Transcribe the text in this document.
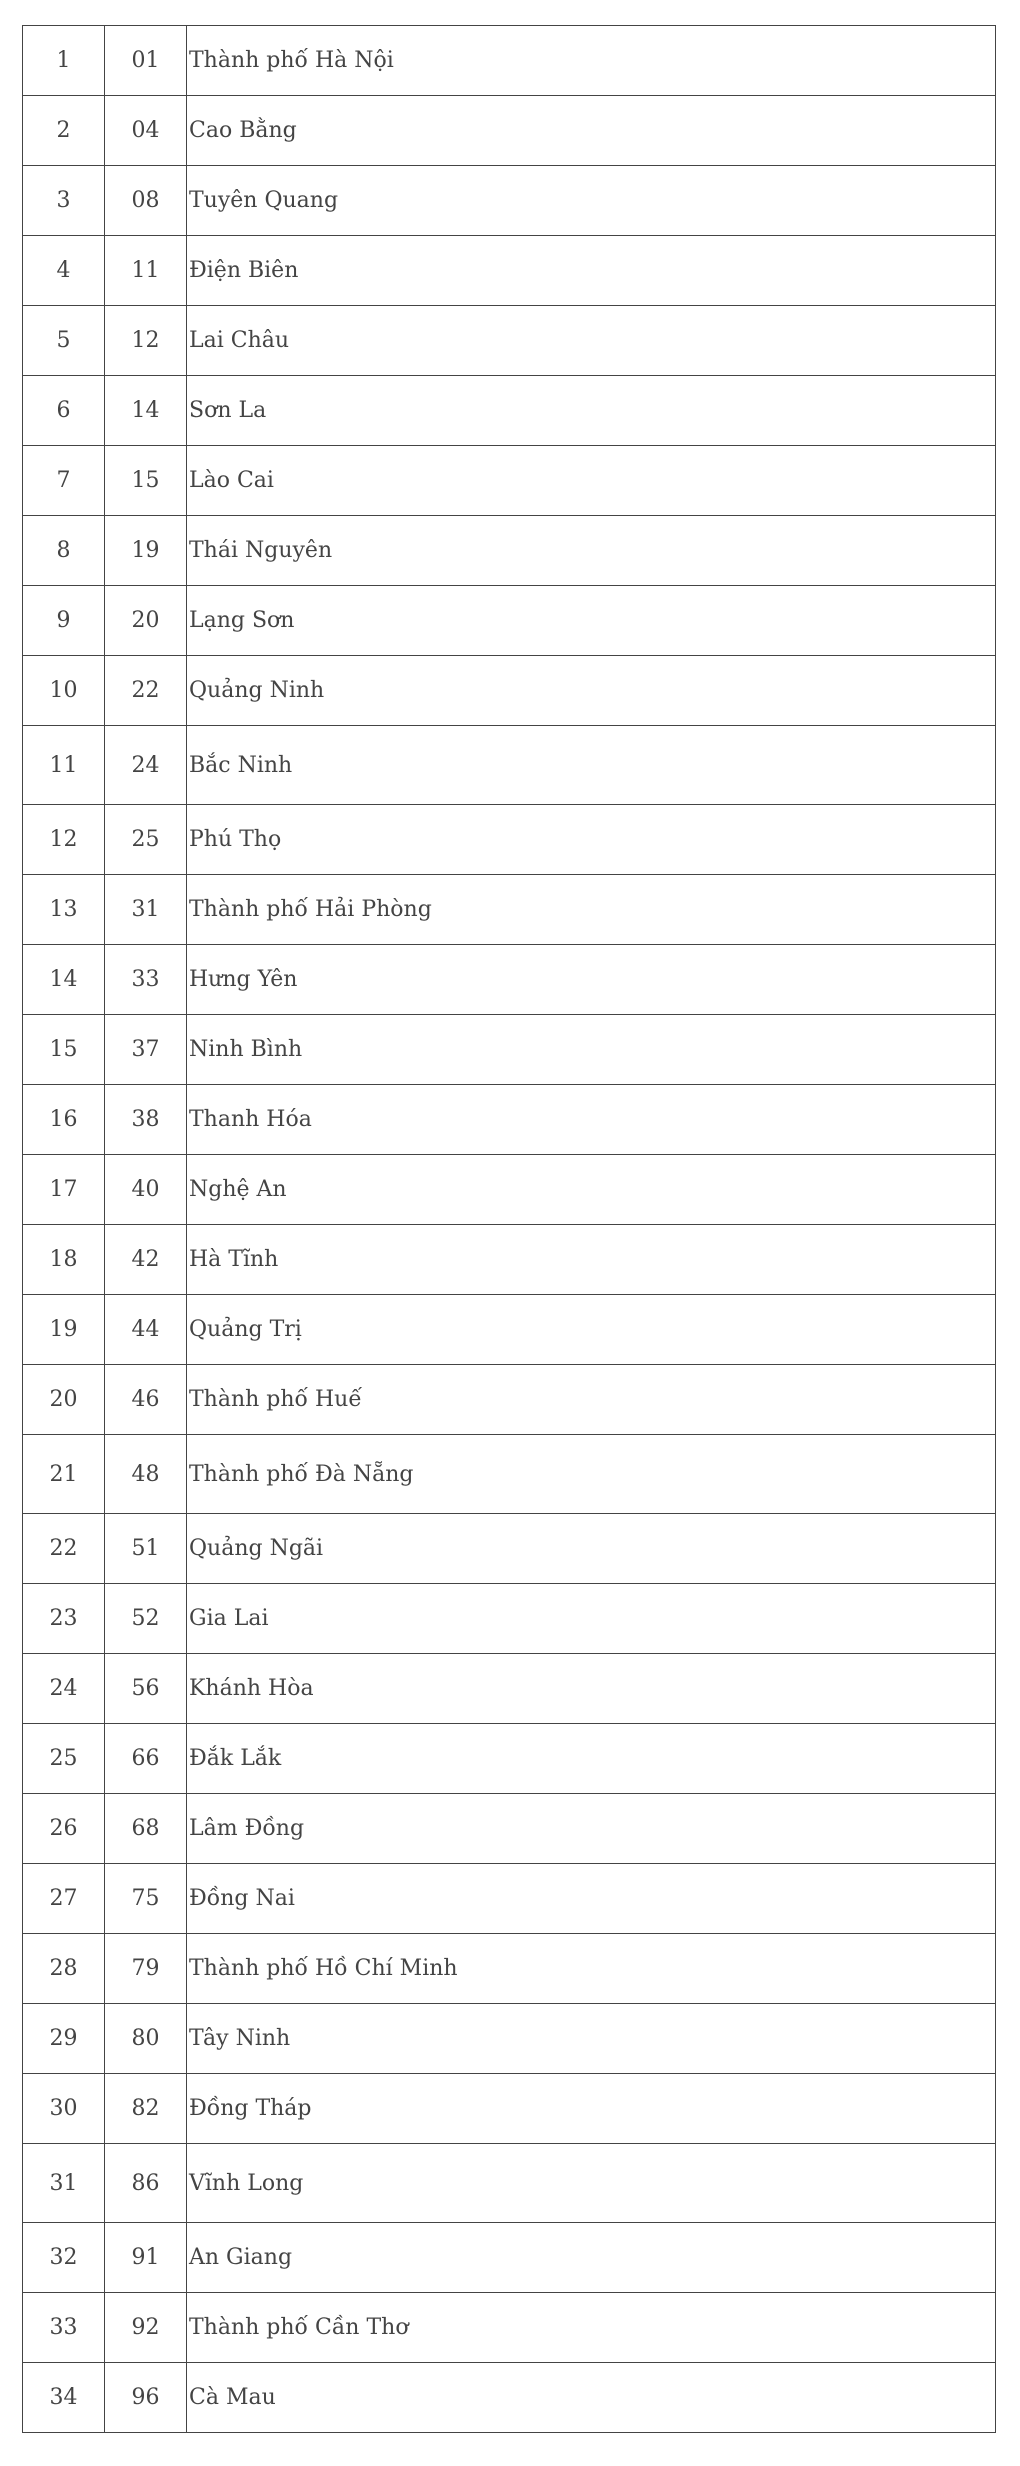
1	01	Thành phố Hà Nội
2	04	Cao Bằng
3	08	Tuyên Quang
4	11	Điện Biên
5	12	Lai Châu
6	14	Sơn La
7	15	Lào Cai
8	19	Thái Nguyên
9	20	Lạng Sơn
10	22	Quảng Ninh
11	24	Bắc Ninh
12	25	Phú Thọ
13	31	Thành phố Hải Phòng
14	33	Hưng Yên
15	37	Ninh Bình
16	38	Thanh Hóa
17	40	Nghệ An
18	42	Hà Tĩnh
19	44	Quảng Trị
20	46	Thành phố Huế
21	48	Thành phố Đà Nẵng
22	51	Quảng Ngãi
23	52	Gia Lai
24	56	Khánh Hòa
25	66	Đắk Lắk
26	68	Lâm Đồng
27	75	Đồng Nai
28	79	Thành phố Hồ Chí Minh
29	80	Tây Ninh
30	82	Đồng Tháp
31	86	Vĩnh Long
32	91	An Giang
33	92	Thành phố Cần Thơ
34	96	Cà Mau
